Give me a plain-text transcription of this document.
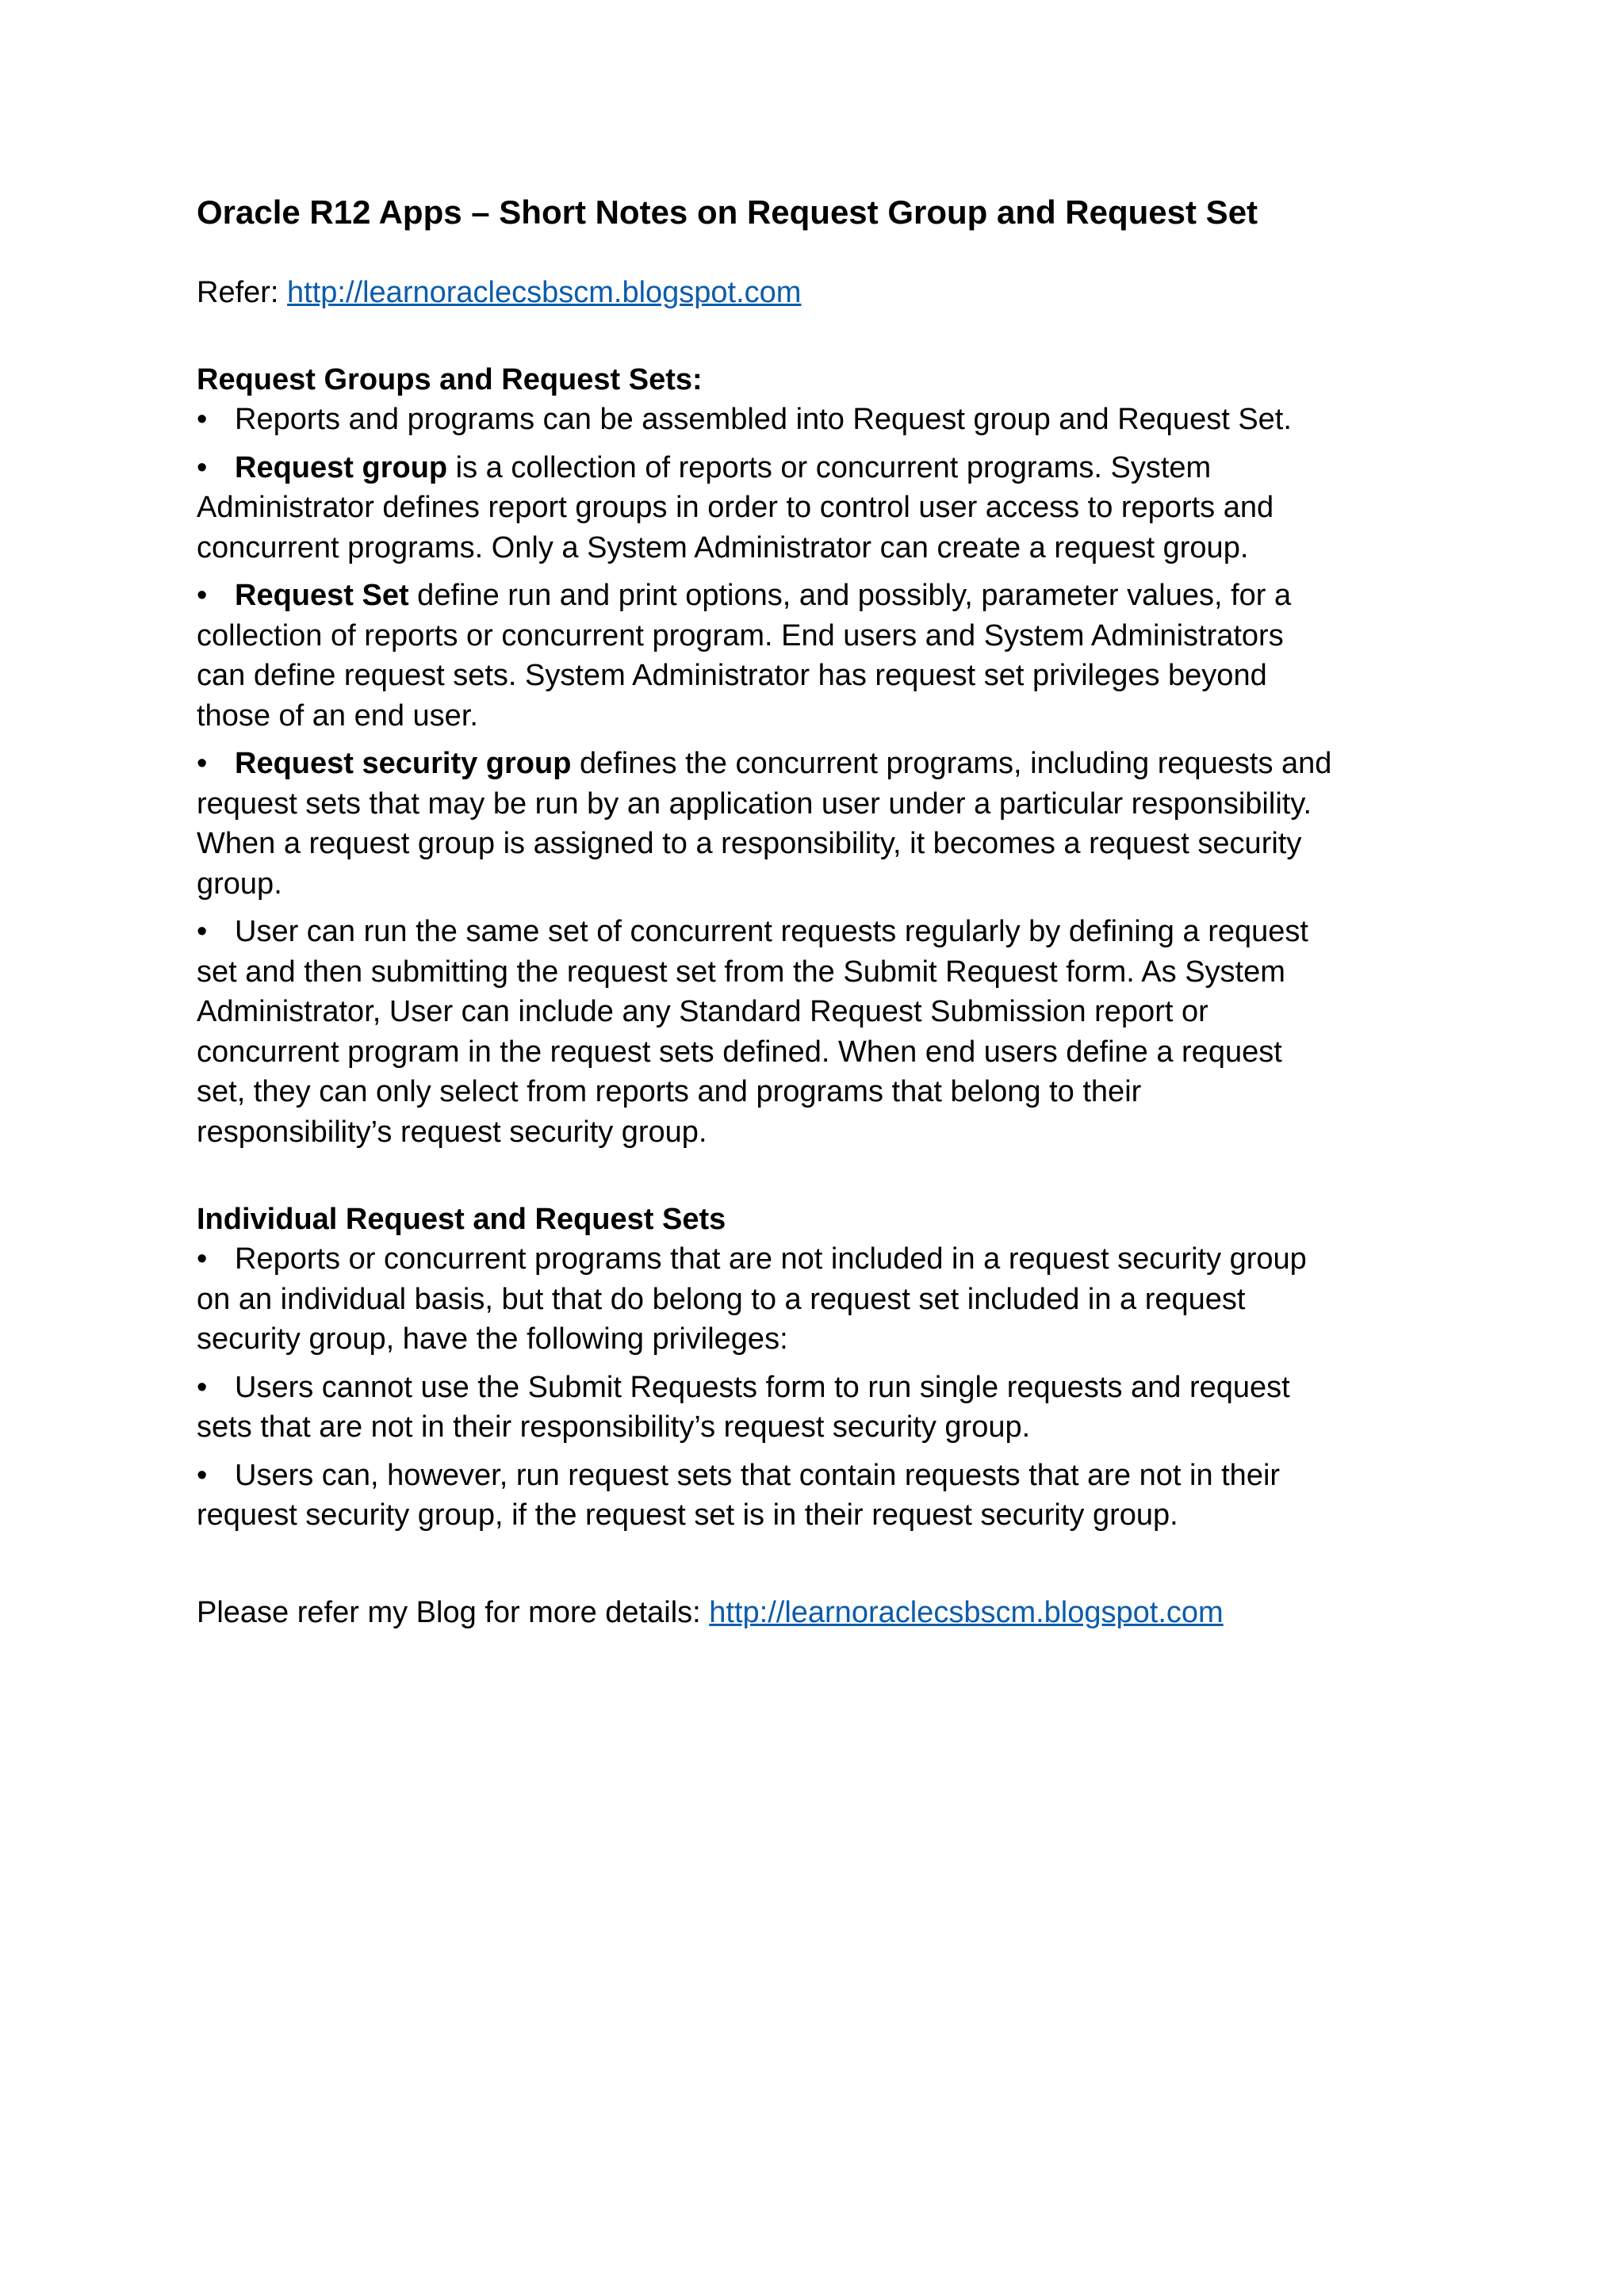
Oracle R12 Apps – Short Notes on Request Group and Request Set
Refer: http://learnoraclecsbscm.blogspot.com
Request Groups and Request Sets:
• Reports and programs can be assembled into Request group and Request Set.
• Request group is a collection of reports or concurrent programs. System Administrator defines report groups in order to control user access to reports and concurrent programs. Only a System Administrator can create a request group.
• Request Set define run and print options, and possibly, parameter values, for a collection of reports or concurrent program. End users and System Administrators can define request sets. System Administrator has request set privileges beyond those of an end user.
• Request security group defines the concurrent programs, including requests and request sets that may be run by an application user under a particular responsibility. When a request group is assigned to a responsibility, it becomes a request security group.
• User can run the same set of concurrent requests regularly by defining a request set and then submitting the request set from the Submit Request form. As System Administrator, User can include any Standard Request Submission report or concurrent program in the request sets defined. When end users define a request set, they can only select from reports and programs that belong to their responsibility’s request security group.
Individual Request and Request Sets
• Reports or concurrent programs that are not included in a request security group on an individual basis, but that do belong to a request set included in a request security group, have the following privileges:
• Users cannot use the Submit Requests form to run single requests and request sets that are not in their responsibility’s request security group.
• Users can, however, run request sets that contain requests that are not in their request security group, if the request set is in their request security group.
Please refer my Blog for more details: http://learnoraclecsbscm.blogspot.com
